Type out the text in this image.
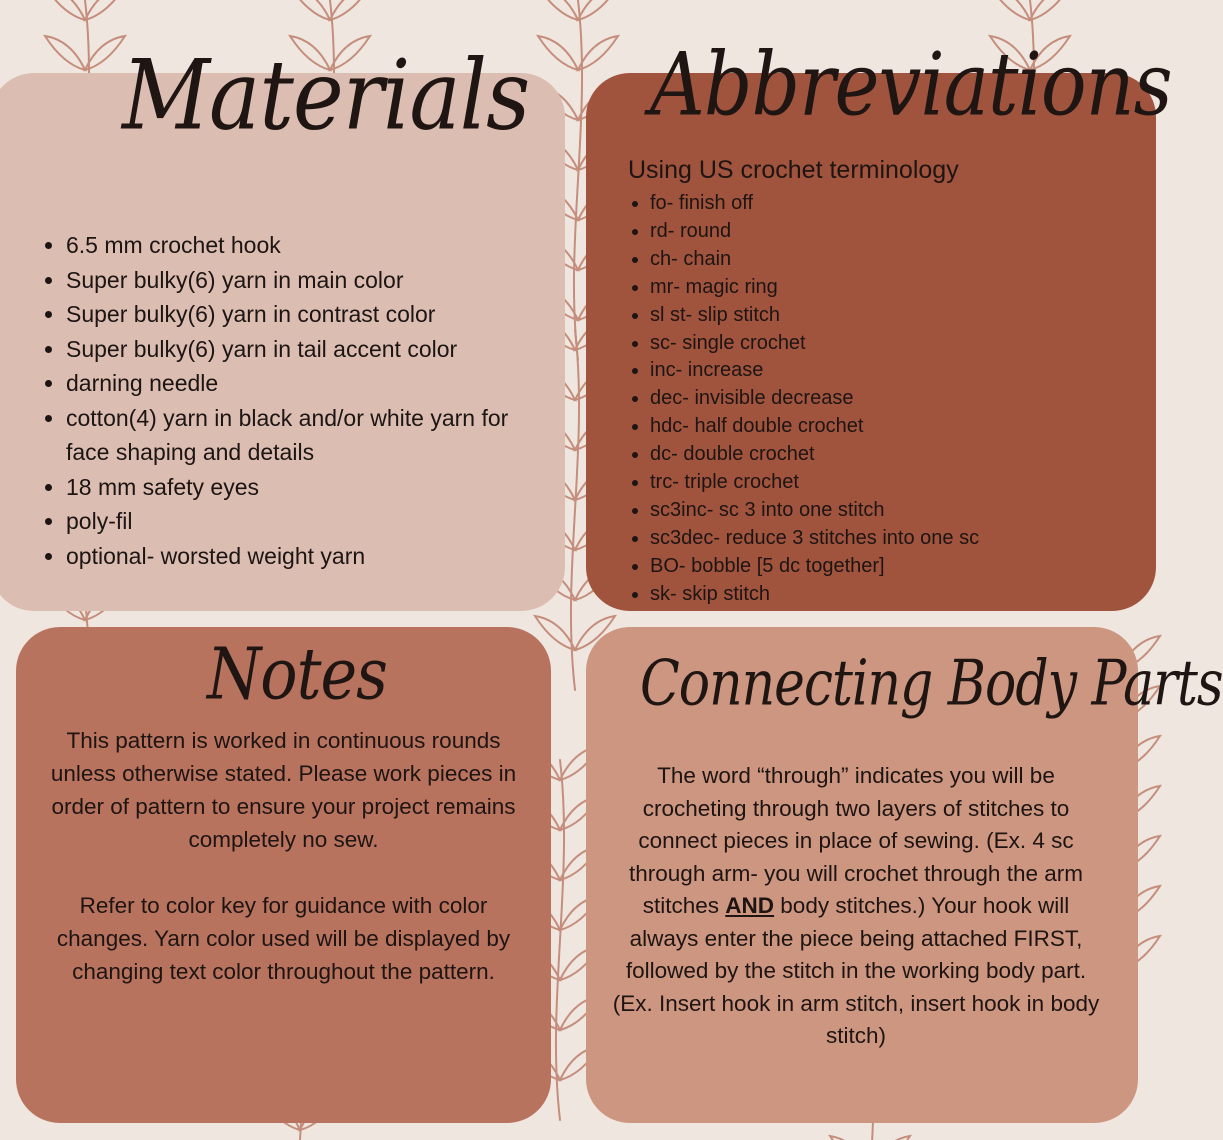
Materials
• 6.5 mm crochet hook
• Super bulky(6) yarn in main color
• Super bulky(6) yarn in contrast color
• Super bulky(6) yarn in tail accent color
• darning needle
• cotton(4) yarn in black and/or white yarn for face shaping and details
• 18 mm safety eyes
• poly-fil
• optional- worsted weight yarn
Abbreviations

Using US crochet terminology

• fo- finish off
• rd- round
• ch- chain
• mr- magic ring
• sl st- slip stitch
• sc- single crochet
• inc- increase
• dec- invisible decrease
• hdc- half double crochet
• dc- double crochet
• trc- triple crochet
• sc3inc- sc 3 into one stitch
• sc3dec- reduce 3 stitches into one sc
• BO- bobble [5 dc together]
• sk- skip stitch
Notes

This pattern is worked in continuous rounds unless otherwise stated. Please work pieces in order of pattern to ensure your project remains completely no sew.

Refer to color key for guidance with color changes. Yarn color used will be displayed by changing text color throughout the pattern.

Connecting Body Parts

The word “through” indicates you will be crocheting through two layers of stitches to connect pieces in place of sewing. (Ex. 4 sc through arm- you will crochet through the arm stitches AND body stitches.) Your hook will always enter the piece being attached FIRST, followed by the stitch in the working body part. (Ex. Insert hook in arm stitch, insert hook in body stitch)
